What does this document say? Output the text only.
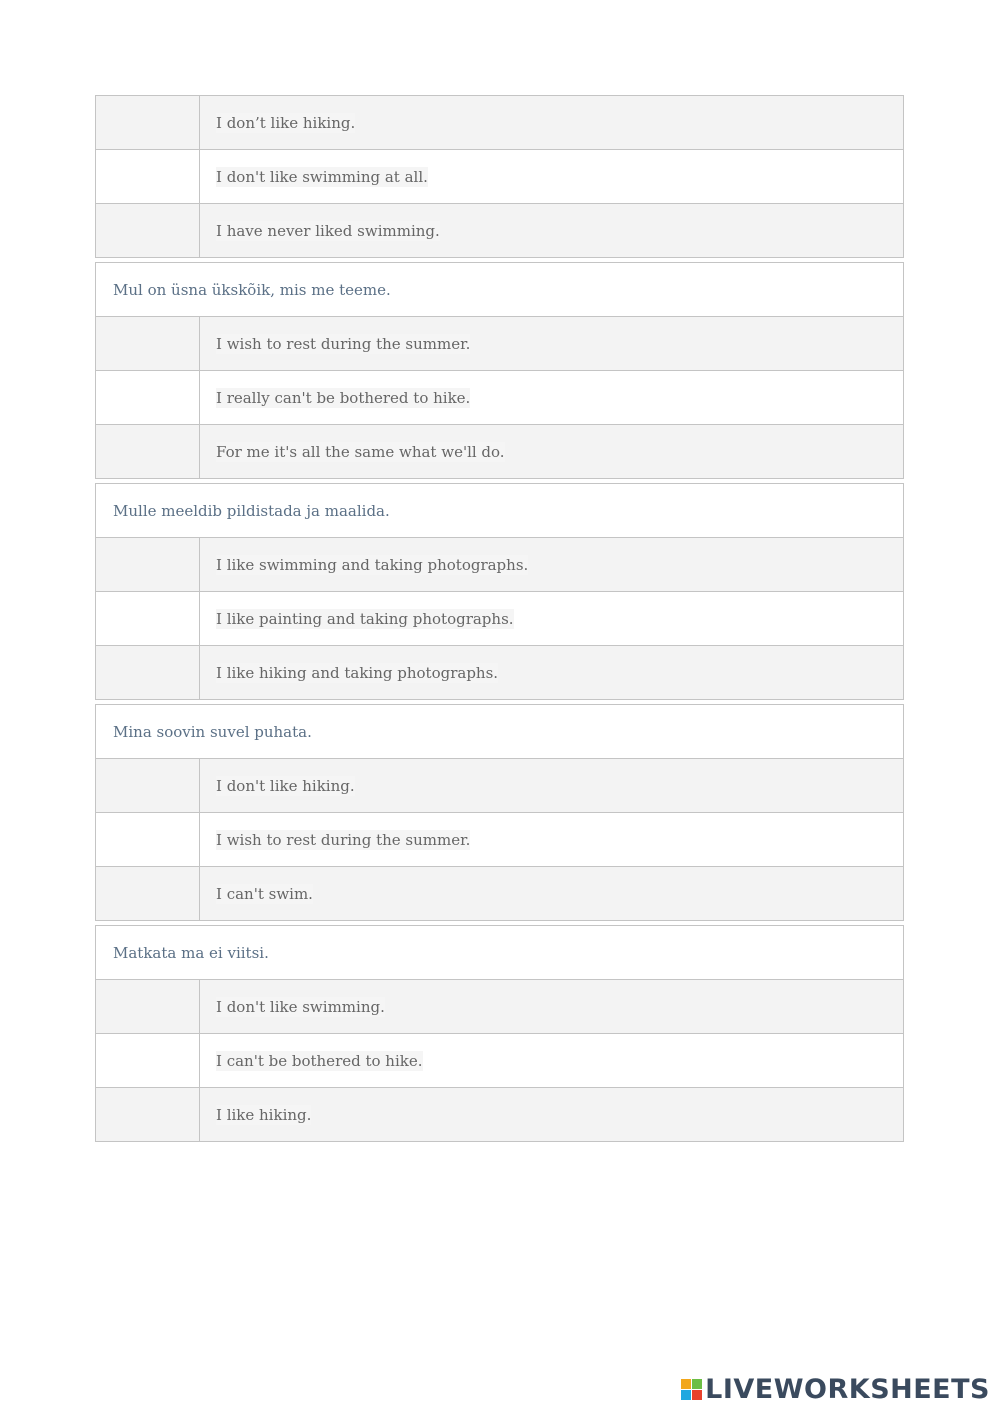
I don’t like hiking.
I don't like swimming at all.
I have never liked swimming.
Mul on üsna ükskõik, mis me teeme.
I wish to rest during the summer.
I really can't be bothered to hike.
For me it's all the same what we'll do.
Mulle meeldib pildistada ja maalida.
I like swimming and taking photographs.
I like painting and taking photographs.
I like hiking and taking photographs.
Mina soovin suvel puhata.
I don't like hiking.
I wish to rest during the summer.
I can't swim.
Matkata ma ei viitsi.
I don't like swimming.
I can't be bothered to hike.
I like hiking.
LIVEWORKSHEETS
